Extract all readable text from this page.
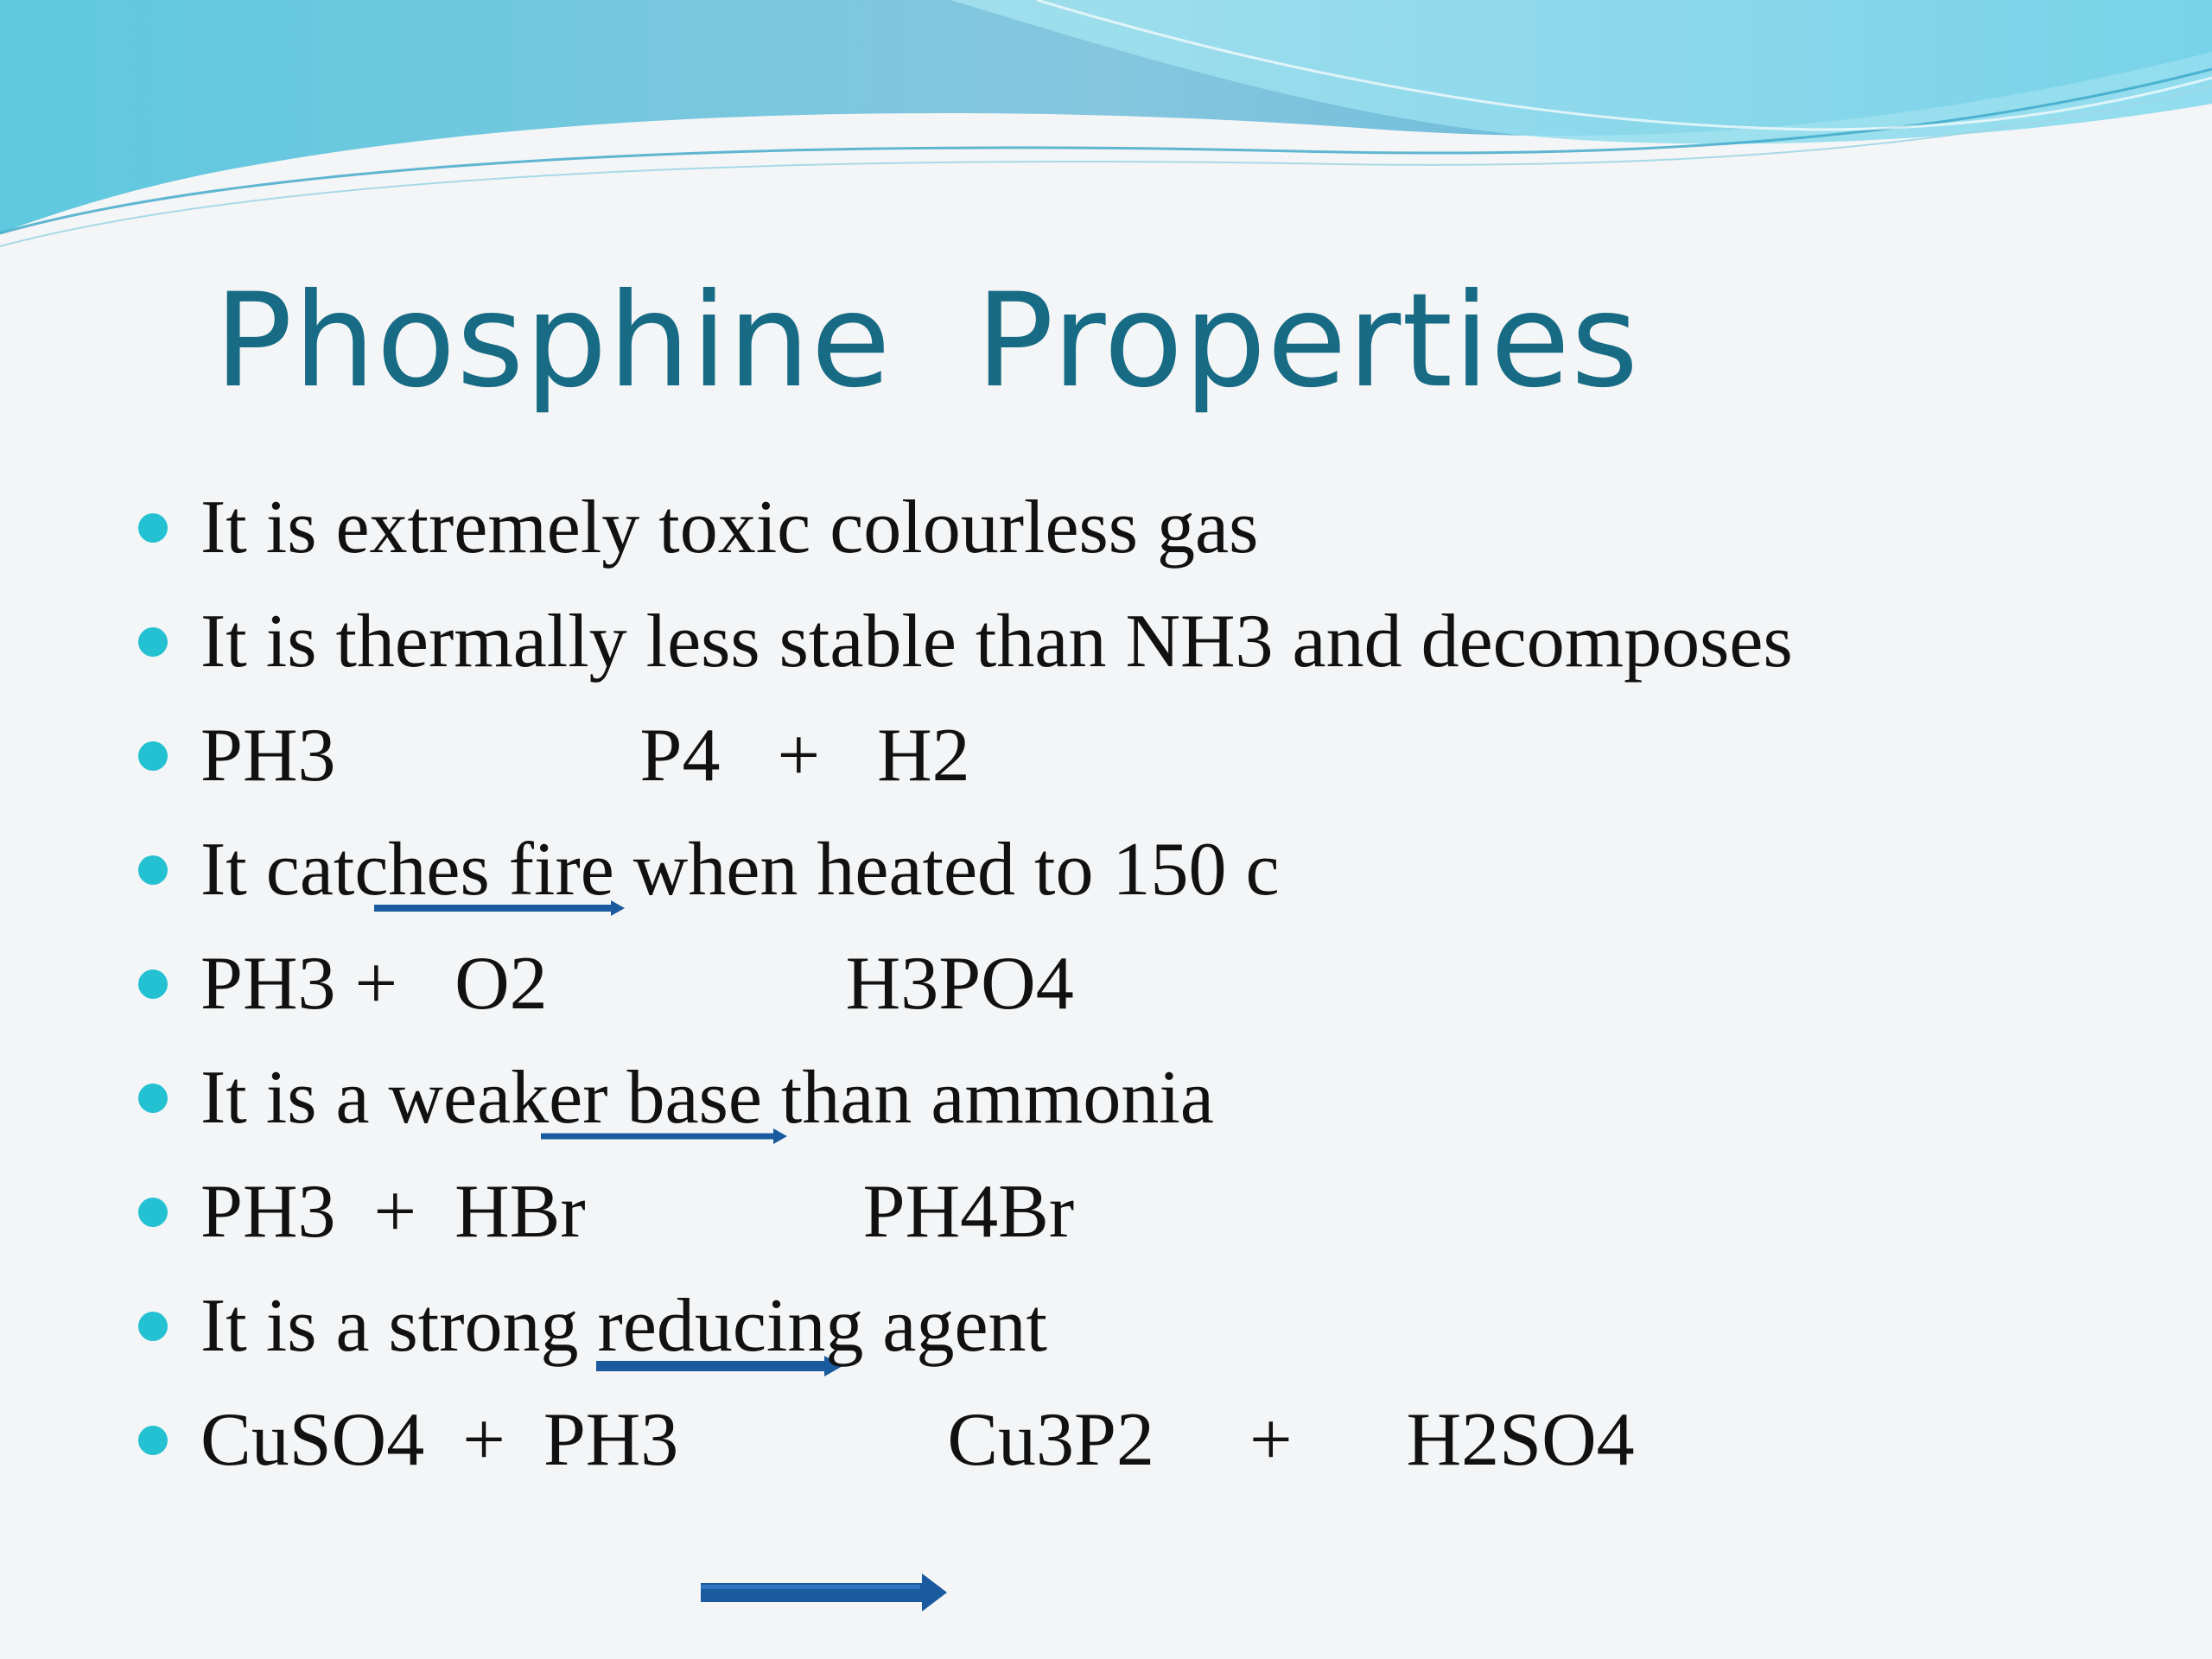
Phosphine  Properties
It is extremely toxic colourless gas
It is thermally less stable than NH3 and decomposes
PH3

→
P4   +   H2
It catches fire when heated to 150 c
PH3 +   O2

→
H3PO4
It is a weaker base than ammonia
PH3  +  HBr

→
PH4Br
It is a strong reducing agent
CuSO4  +  PH3

	Cu3P2     +      H2SO4
